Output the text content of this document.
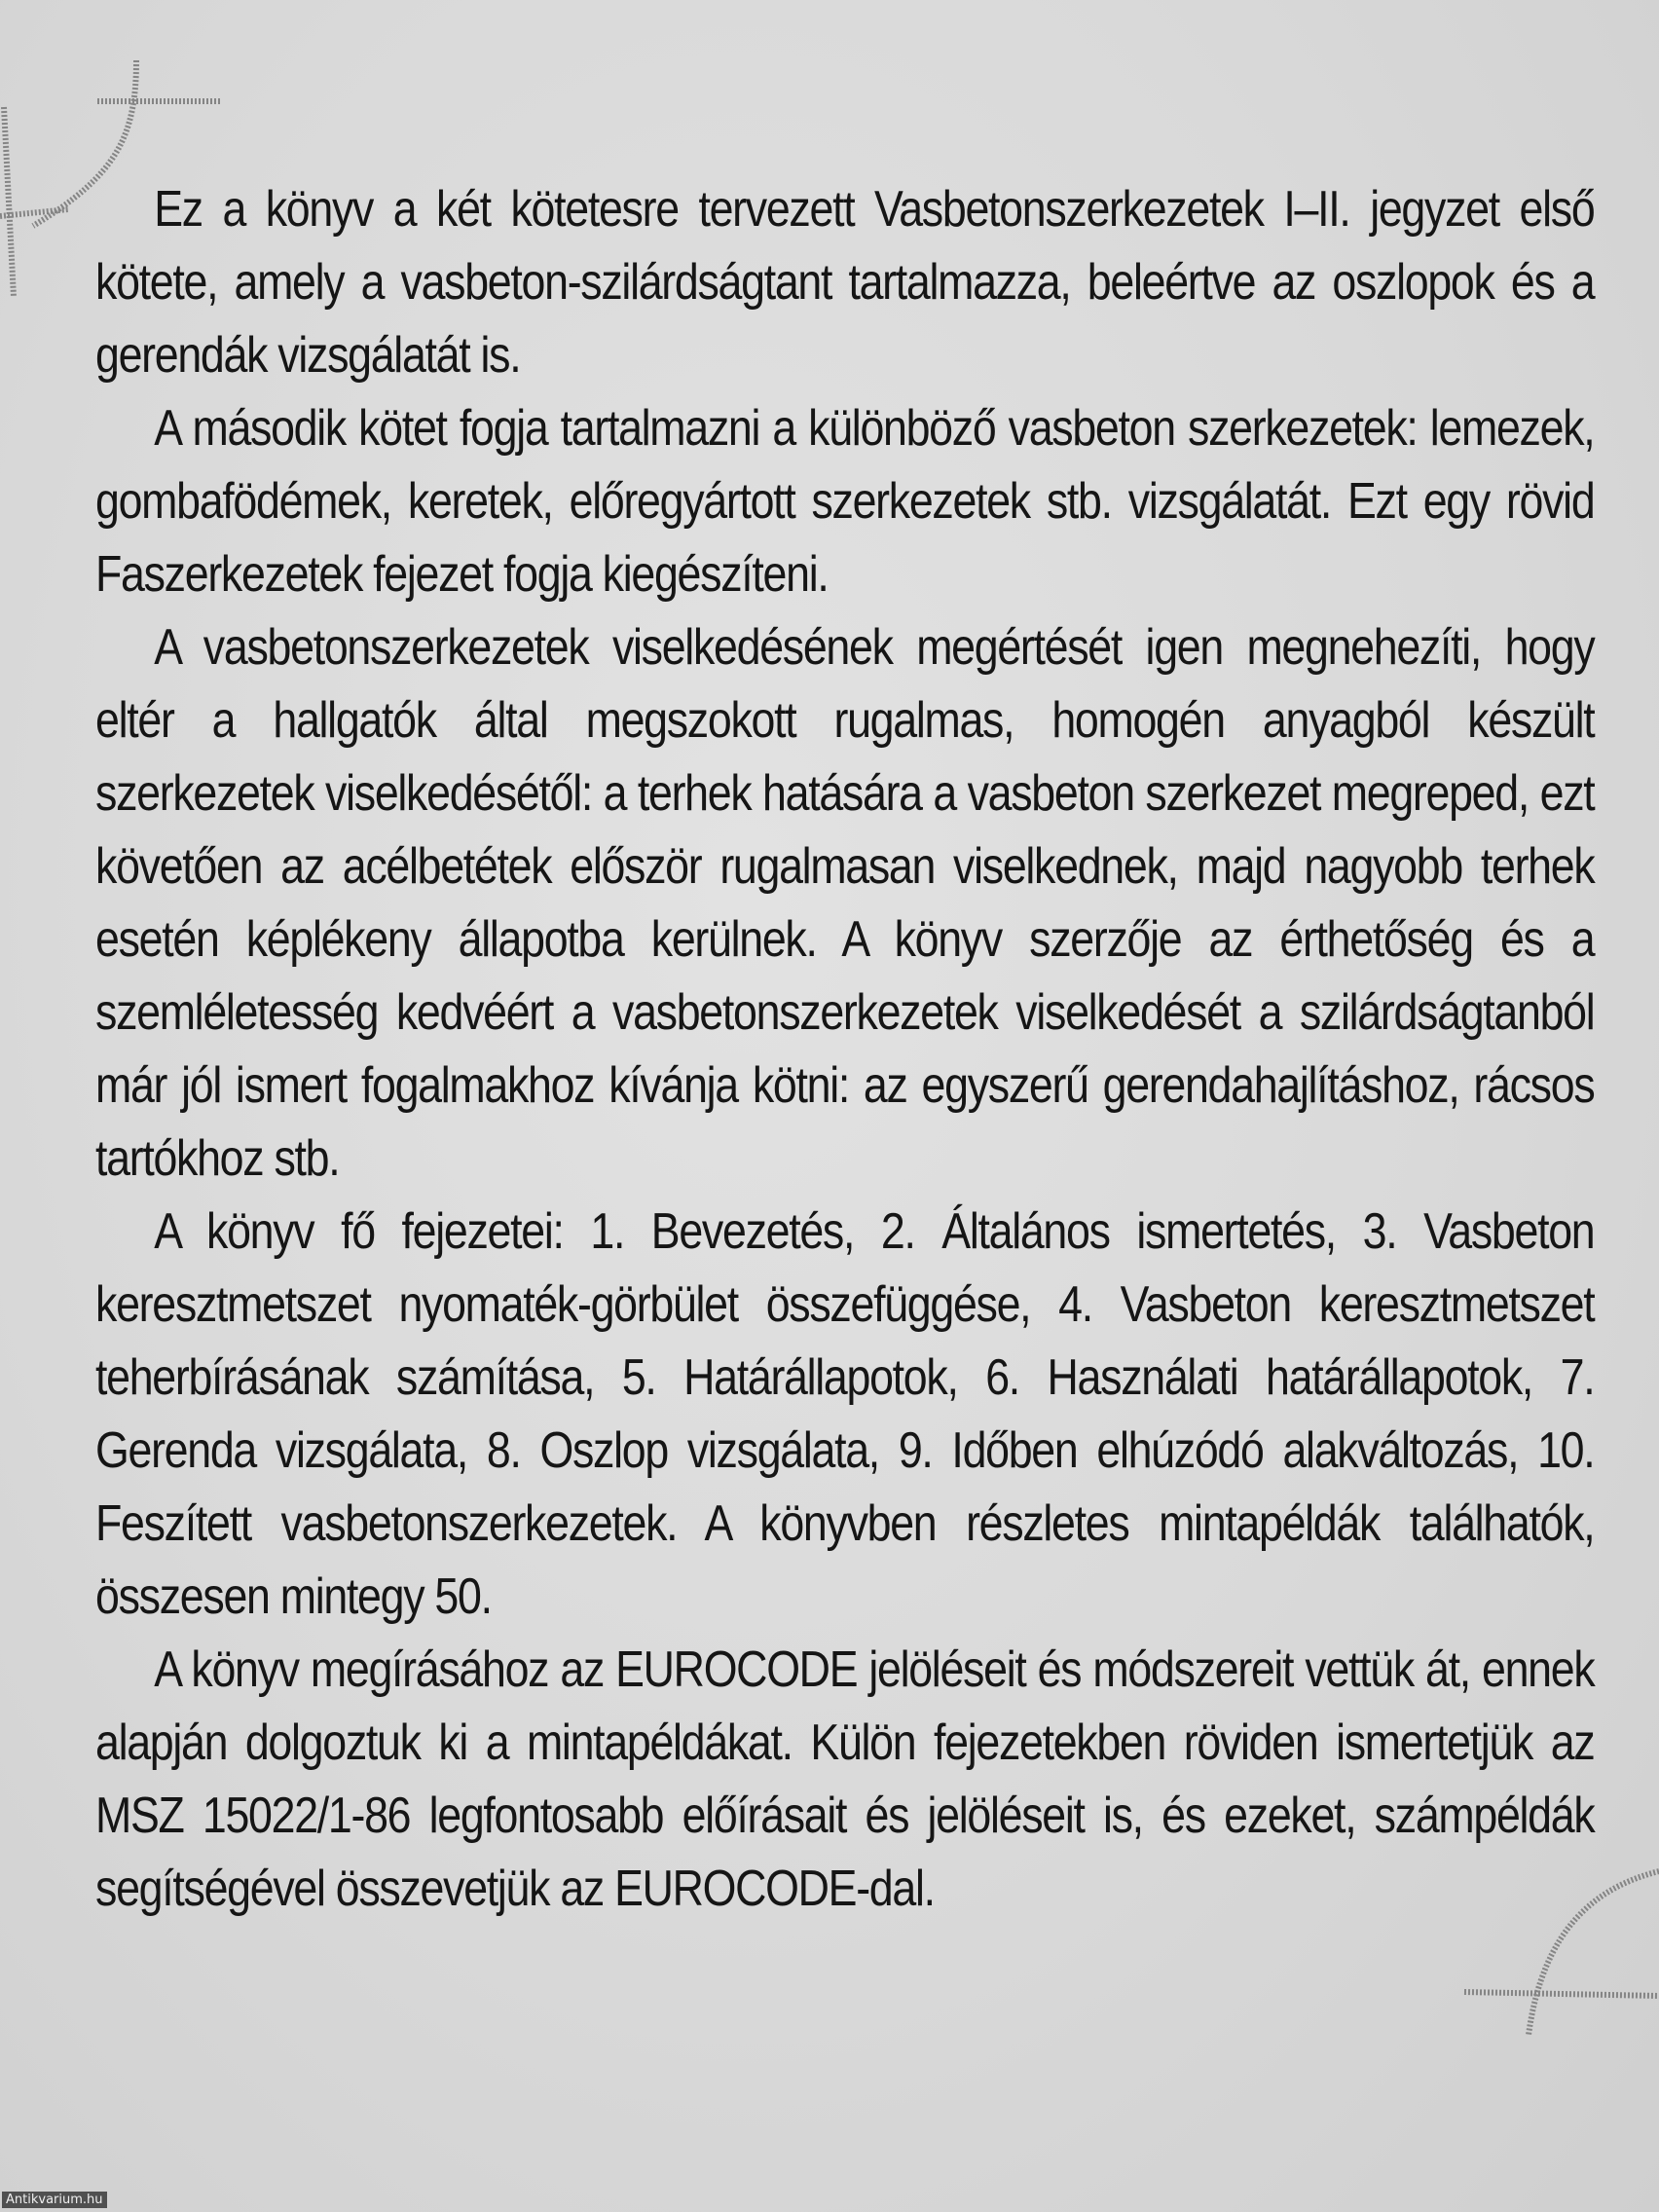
Ez a könyv a két kötetesre tervezett Vasbetonszerkezetek I–II. jegyzet első kötete, amely a vasbeton-szilárdságtant tartalmazza, beleértve az oszlopok és a gerendák vizsgálatát is.

A második kötet fogja tartalmazni a különböző vasbeton szerkezetek: lemezek, gombafödémek, keretek, előregyártott szerkezetek stb. vizsgálatát. Ezt egy rövid Faszerkezetek fejezet fogja kiegészíteni.

A vasbetonszerkezetek viselkedésének megértését igen megnehezíti, hogy eltér a hallgatók által megszokott rugalmas, homogén anyagból készült szerkezetek viselkedésétől: a terhek hatására a vasbeton szerkezet megreped, ezt követően az acélbetétek először rugalmasan viselkednek, majd nagyobb terhek esetén képlékeny állapotba kerülnek. A könyv szerzője az érthetőség és a szemléletesség kedvéért a vasbetonszerkezetek viselkedését a szilárdságtanból már jól ismert fogalmakhoz kívánja kötni: az egyszerű gerendahajlításhoz, rácsos tartókhoz stb.

A könyv fő fejezetei: 1. Bevezetés, 2. Általános ismertetés, 3. Vasbeton keresztmetszet nyomaték-görbület összefüggése, 4. Vasbeton keresztmetszet teherbírásának számítása, 5. Határállapotok, 6. Használati határállapotok, 7. Gerenda vizsgálata, 8. Oszlop vizsgálata, 9. Időben elhúzódó alakváltozás, 10. Feszített vasbetonszerkezetek. A könyvben részletes mintapéldák találhatók, összesen mintegy 50.

A könyv megírásához az EUROCODE jelöléseit és módszereit vettük át, ennek alapján dolgoztuk ki a mintapéldákat. Külön fejezetekben röviden ismertetjük az MSZ 15022/1-86 legfontosabb előírásait és jelöléseit is, és ezeket, számpéldák segítségével összevetjük az EUROCODE-dal.

Antikvarium.hu
